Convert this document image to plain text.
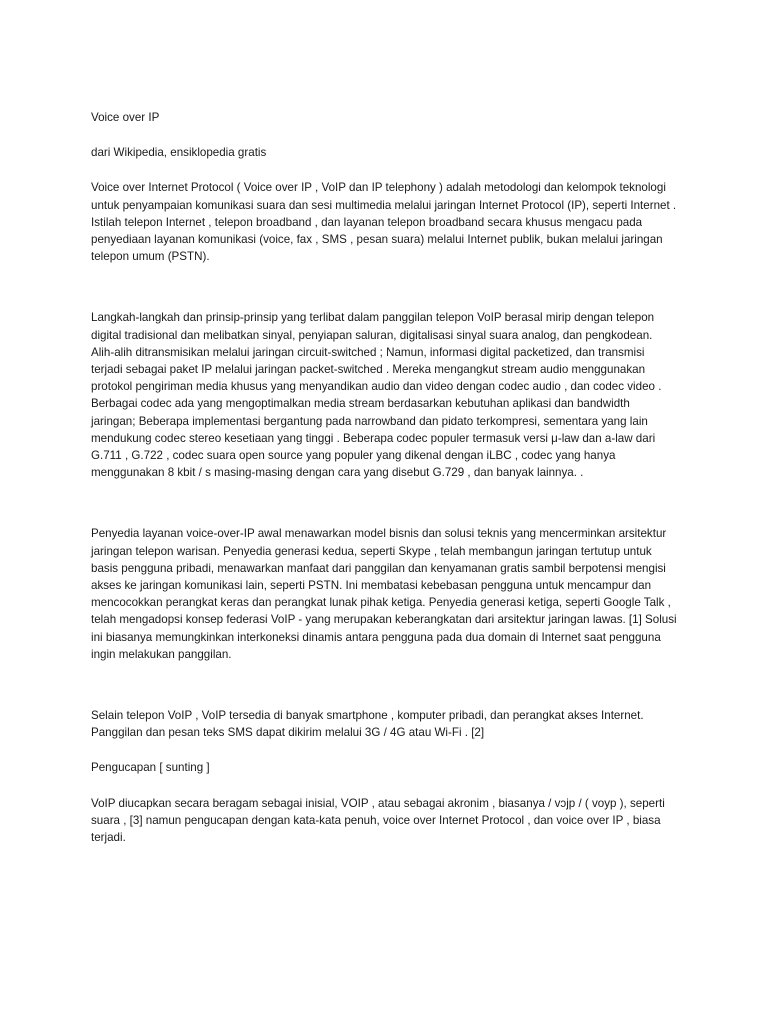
Voice over IP

dari Wikipedia, ensiklopedia gratis

Voice over Internet Protocol ( Voice over IP , VoIP dan IP telephony ) adalah metodologi dan kelompok teknologi untuk penyampaian komunikasi suara dan sesi multimedia melalui jaringan Internet Protocol (IP), seperti Internet . Istilah telepon Internet , telepon broadband , dan layanan telepon broadband secara khusus mengacu pada penyediaan layanan komunikasi (voice, fax , SMS , pesan suara) melalui Internet publik, bukan melalui jaringan telepon umum (PSTN).

Langkah-langkah dan prinsip-prinsip yang terlibat dalam panggilan telepon VoIP berasal mirip dengan telepon digital tradisional dan melibatkan sinyal, penyiapan saluran, digitalisasi sinyal suara analog, dan pengkodean. Alih-alih ditransmisikan melalui jaringan circuit-switched ; Namun, informasi digital packetized, dan transmisi terjadi sebagai paket IP melalui jaringan packet-switched . Mereka mengangkut stream audio menggunakan protokol pengiriman media khusus yang menyandikan audio dan video dengan codec audio , dan codec video . Berbagai codec ada yang mengoptimalkan media stream berdasarkan kebutuhan aplikasi dan bandwidth jaringan; Beberapa implementasi bergantung pada narrowband dan pidato terkompresi, sementara yang lain mendukung codec stereo kesetiaan yang tinggi . Beberapa codec populer termasuk versi μ-law dan a-law dari G.711 , G.722 , codec suara open source yang populer yang dikenal dengan iLBC , codec yang hanya menggunakan 8 kbit / s masing-masing dengan cara yang disebut G.729 , dan banyak lainnya. .

Penyedia layanan voice-over-IP awal menawarkan model bisnis dan solusi teknis yang mencerminkan arsitektur jaringan telepon warisan. Penyedia generasi kedua, seperti Skype , telah membangun jaringan tertutup untuk basis pengguna pribadi, menawarkan manfaat dari panggilan dan kenyamanan gratis sambil berpotensi mengisi akses ke jaringan komunikasi lain, seperti PSTN. Ini membatasi kebebasan pengguna untuk mencampur dan mencocokkan perangkat keras dan perangkat lunak pihak ketiga. Penyedia generasi ketiga, seperti Google Talk , telah mengadopsi konsep federasi VoIP - yang merupakan keberangkatan dari arsitektur jaringan lawas. [1] Solusi ini biasanya memungkinkan interkoneksi dinamis antara pengguna pada dua domain di Internet saat pengguna ingin melakukan panggilan.

Selain telepon VoIP , VoIP tersedia di banyak smartphone , komputer pribadi, dan perangkat akses Internet. Panggilan dan pesan teks SMS dapat dikirim melalui 3G / 4G atau Wi-Fi . [2]

Pengucapan [ sunting ]

VoIP diucapkan secara beragam sebagai inisial, VOIP , atau sebagai akronim , biasanya / vɔjp / ( voyp ), seperti suara , [3] namun pengucapan dengan kata-kata penuh, voice over Internet Protocol , dan voice over IP , biasa terjadi.
